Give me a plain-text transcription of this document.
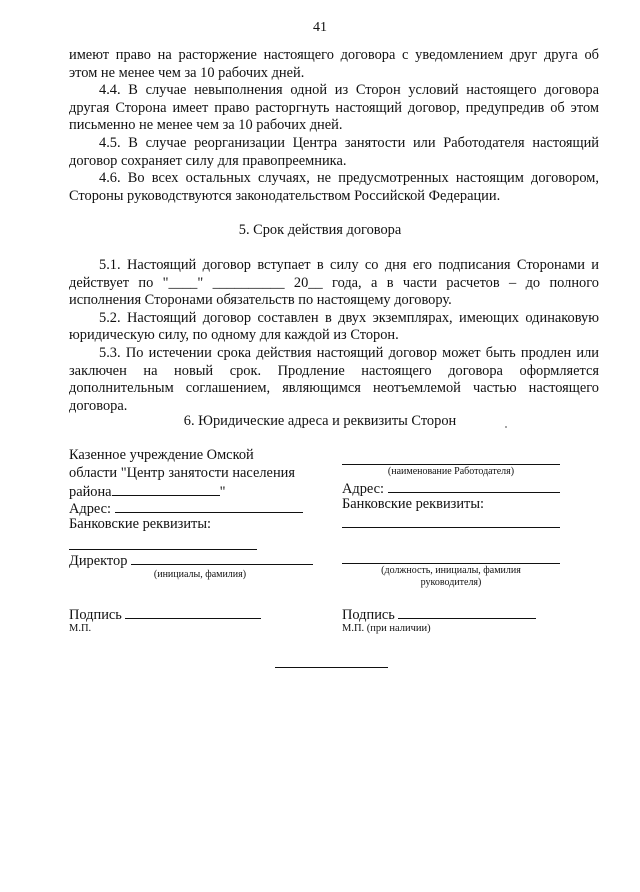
41

имеют право на расторжение настоящего договора с уведомлением друг друга об этом не менее чем за 10 рабочих дней.

4.4. В случае невыполнения одной из Сторон условий настоящего договора другая Сторона имеет право расторгнуть настоящий договор, предупредив об этом письменно не менее чем за 10 рабочих дней.

4.5. В случае реорганизации Центра занятости или Работодателя настоящий договор сохраняет силу для правопреемника.

4.6. Во всех остальных случаях, не предусмотренных настоящим договором, Стороны руководствуются законодательством Российской Федерации.

5. Срок действия договора

5.1. Настоящий договор вступает в силу со дня его подписания Сторонами и действует по "____" __________ 20__ года, а в части расчетов – до полного исполнения Сторонами обязательств по настоящему договору.

5.2. Настоящий договор составлен в двух экземплярах, имеющих одинаковую юридическую силу, по одному для каждой из Сторон.

5.3. По истечении срока действия настоящий договор может быть продлен или заключен на новый срок. Продление настоящего договора оформляется дополнительным соглашением, являющимся неотъемлемой частью настоящего договора.

6. Юридические адреса и реквизиты Сторон
Казенное учреждение Омской
области "Центр занятости населения
района	"
Адрес:
Банковские реквизиты:
Директор
(инициалы, фамилия)
Подпись
М.П.
(наименование Работодателя)
Адрес:
Банковские реквизиты:
(должность, инициалы, фамилия
руководителя)
Подпись
М.П. (при наличии)
